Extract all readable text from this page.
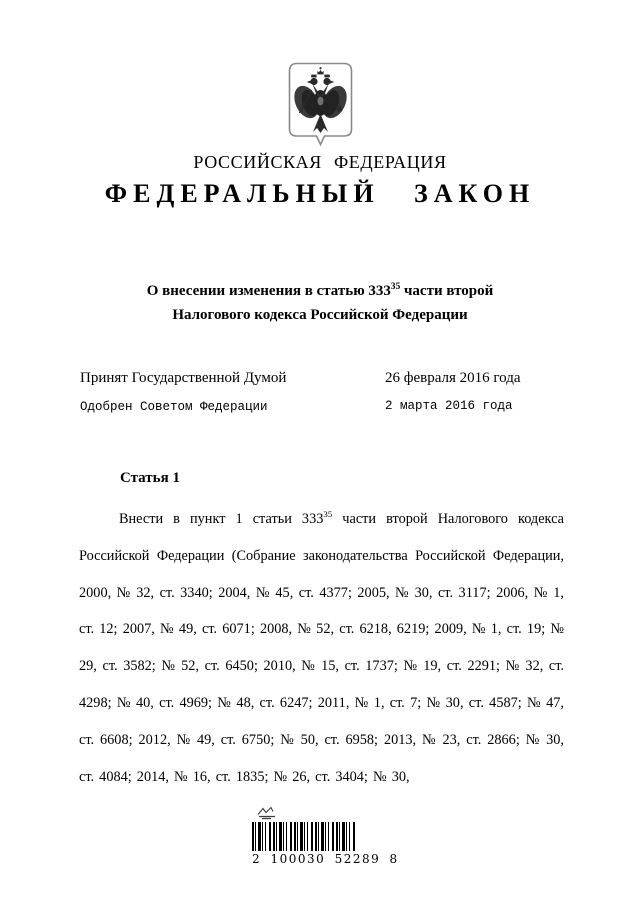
РОССИЙСКАЯ ФЕДЕРАЦИЯ
ФЕДЕРАЛЬНЫЙ ЗАКОН
О внесении изменения в статью $333^{35}$ части второй
Налогового кодекса Российской Федерации
Принят Государственной Думой	26 февраля 2016 года
Одобрен Советом Федерации	2 марта 2016 года
Статья 1

Внести в пункт 1 статьи $333^{35}$ части второй Налогового кодекса Российской Федерации (Собрание законодательства Российской Федерации, 2000, № 32, ст. 3340; 2004, № 45, ст. 4377; 2005, № 30, ст. 3117; 2006, № 1, ст. 12; 2007, № 49, ст. 6071; 2008, № 52, ст. 6218, 6219; 2009, № 1, ст. 19; № 29, ст. 3582; № 52, ст. 6450; 2010, № 15, ст. 1737; № 19, ст. 2291; № 32, ст. 4298; № 40, ст. 4969; № 48, ст. 6247; 2011, № 1, ст. 7; № 30, ст. 4587; № 47, ст. 6608; 2012, № 49, ст. 6750; № 50, ст. 6958; 2013, № 23, ст. 2866; № 30, ст. 4084; 2014, № 16, ст. 1835; № 26, ст. 3404; № 30,

2 100030 52289 8
